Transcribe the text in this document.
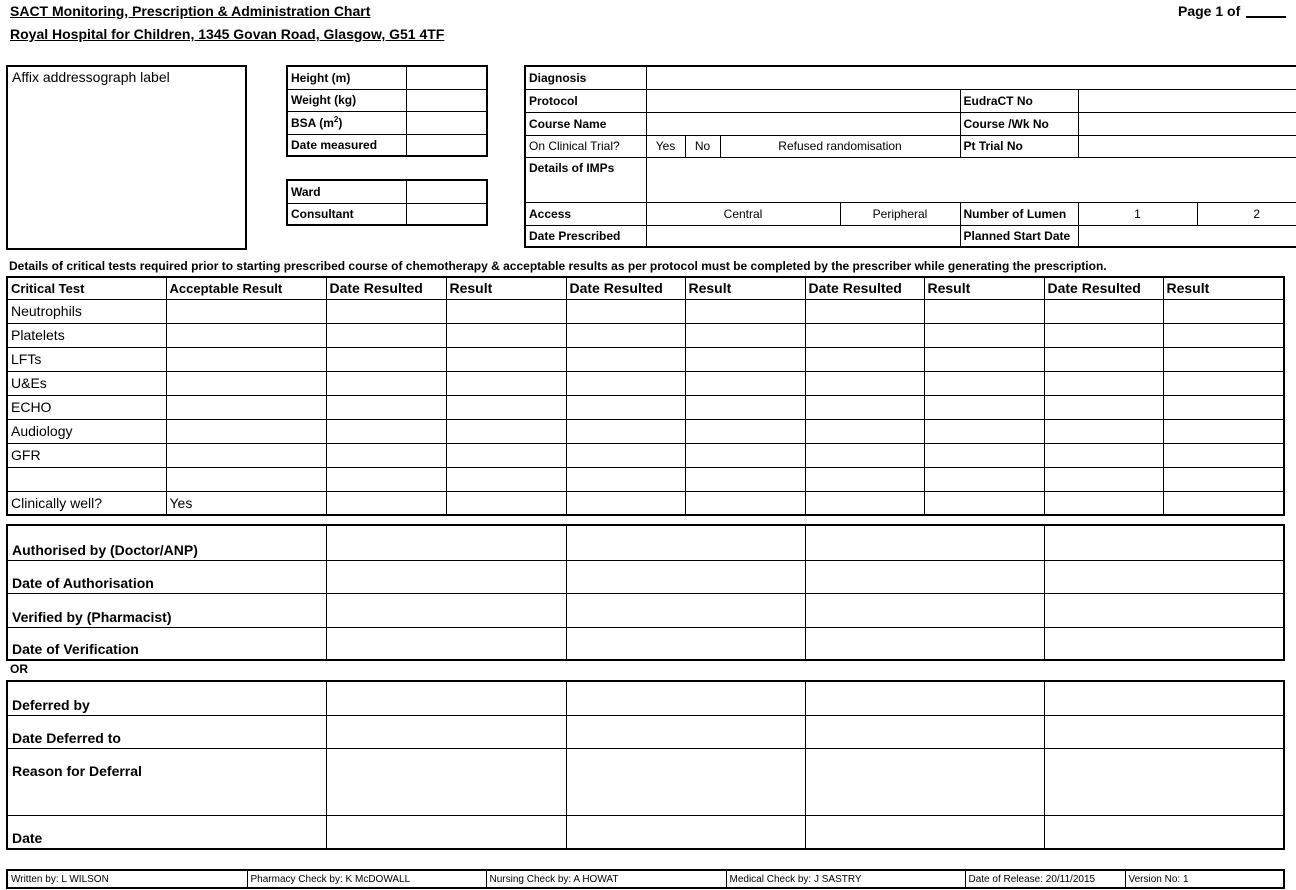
SACT Monitoring, Prescription & Administration Chart
Royal Hospital for Children, 1345 Govan Road, Glasgow, G51 4TF
Page 1 of
Affix addressograph label	Height (m)	
Weight (kg)	
BSA $(m^2)$	
Date measured	
Ward	
Consultant	
Diagnosis							
Protocol					EudraCT No		
Course Name					Course /Wk No		
On Clinical Trial?	Yes	No	Refused randomisation		Pt Trial No		
Details of IMPs							
Access	Central			Peripheral	Number of Lumen	1	2
Date Prescribed					Planned Start Date		
Details of critical tests required prior to starting prescribed course of chemotherapy & acceptable results as per protocol must be completed by the prescriber while generating the prescription.
Critical Test	Acceptable Result	Date Resulted	Result	Date Resulted	Result	Date Resulted	Result	Date Resulted	Result
Neutrophils									
Platelets									
LFTs									
U&Es									
ECHO									
Audiology									
GFR									

Clinically well?	Yes								
Authorised by (Doctor/ANP)				
Date of Authorisation				
Verified by (Pharmacist)				
Date of Verification				
OR
Deferred by				
Date Deferred to				
Reason for Deferral				
Date				
Written by: L WILSON	Pharmacy Check by: K McDOWALL	Nursing Check by: A HOWAT	Medical Check by: J SASTRY	Date of Release: 20/11/2015	Version No: 1
